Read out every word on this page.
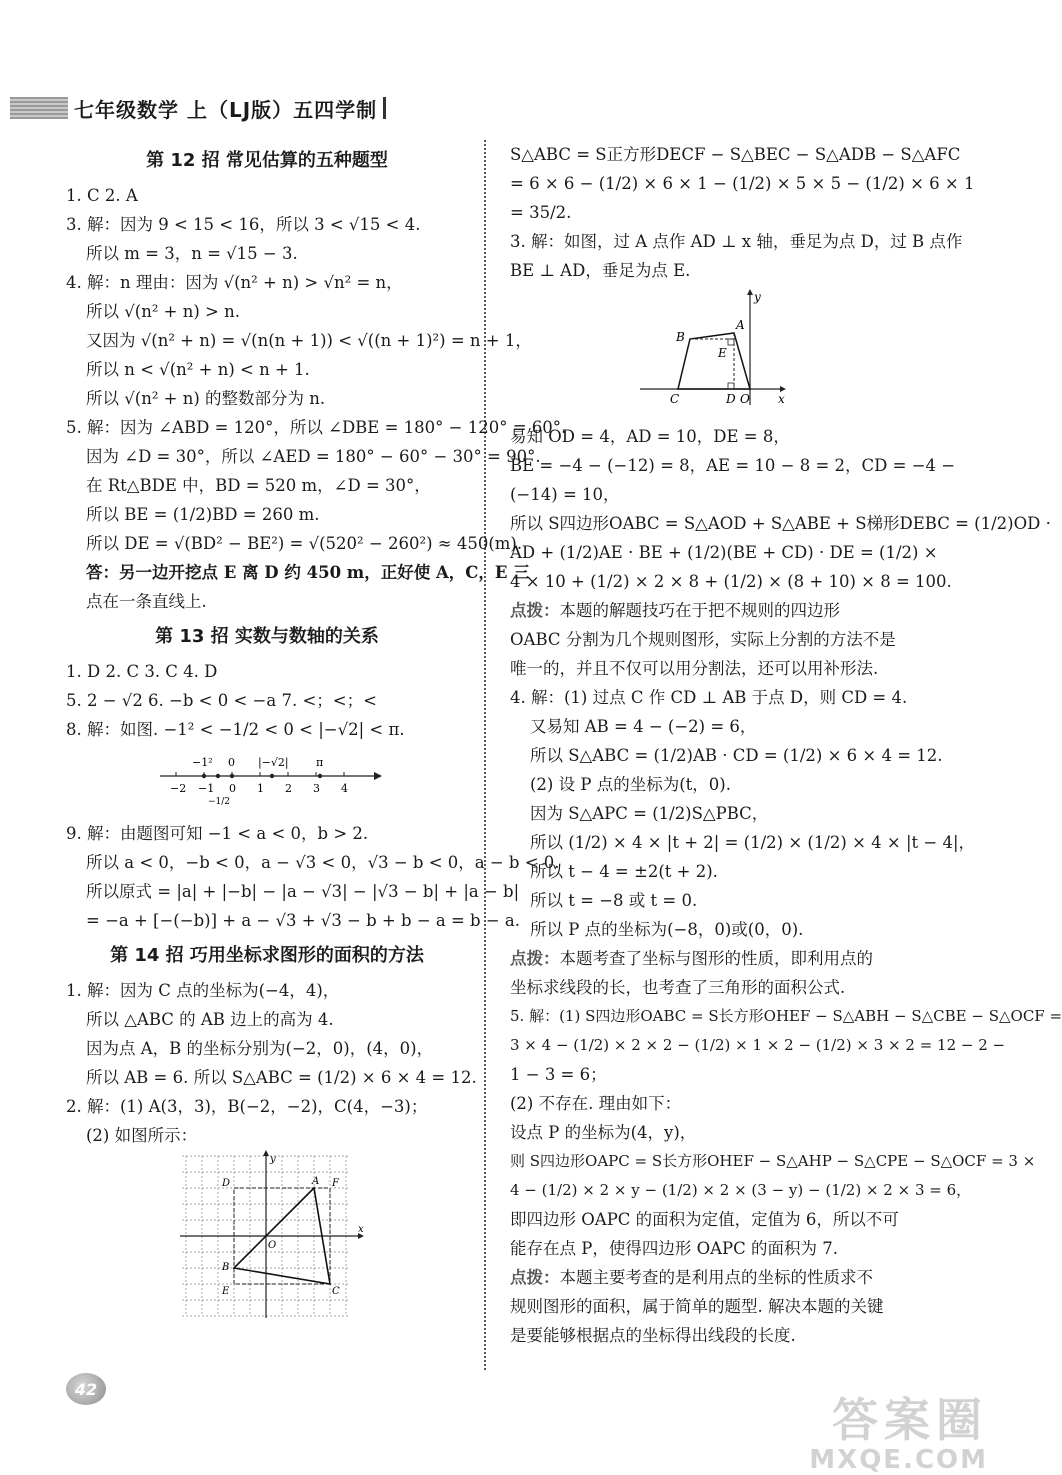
七年级数学 上（LJ版）五四学制
第 12 招 常见估算的五种题型
1. C 2. A
3. 解：因为 9 < 15 < 16，所以 3 < √15 < 4.
所以 m = 3，n = √15 − 3.
4. 解：n 理由：因为 √(n² + n) > √n² = n，
所以 √(n² + n) > n.
又因为 √(n² + n) = √(n(n + 1)) < √((n + 1)²) = n + 1，
所以 n < √(n² + n) < n + 1.
所以 √(n² + n) 的整数部分为 n.
5. 解：因为 ∠ABD = 120°，所以 ∠DBE = 180° − 120° = 60°.
因为 ∠D = 30°，所以 ∠AED = 180° − 60° − 30° = 90°.
在 Rt△BDE 中，BD = 520 m，∠D = 30°，
所以 BE = (1/2)BD = 260 m.
所以 DE = √(BD² − BE²) = √(520² − 260²) ≈ 450(m).
答：另一边开挖点 E 离 D 约 450 m，正好使 A，C，E 三
点在一条直线上.
第 13 招 实数与数轴的关系
1. D 2. C 3. C 4. D
5. 2 − √2 6. −b < 0 < −a 7. <；<；<
8. 解：如图. −1² < −1/2 < 0 < |−√2| < π.
−1² 0 |−√2| π
−2 −1 0 1 2 3 4
−1/2
9. 解：由题图可知 −1 < a < 0，b > 2.
所以 a < 0，−b < 0，a − √3 < 0，√3 − b < 0，a − b < 0.
所以原式 = |a| + |−b| − |a − √3| − |√3 − b| + |a − b|
= −a + [−(−b)] + a − √3 + √3 − b + b − a = b − a.
第 14 招 巧用坐标求图形的面积的方法
1. 解：因为 C 点的坐标为(−4，4)，
所以 △ABC 的 AB 边上的高为 4.
因为点 A，B 的坐标分别为(−2，0)，(4，0)，
所以 AB = 6. 所以 S△ABC = (1/2) × 6 × 4 = 12.
2. 解：(1) A(3，3)，B(−2，−2)，C(4，−3)；
(2) 如图所示：
x
y
O
A
B
C
D
E
F
S△ABC = S正方形DECF − S△BEC − S△ADB − S△AFC
= 6 × 6 − (1/2) × 6 × 1 − (1/2) × 5 × 5 − (1/2) × 6 × 1
= 35/2.
3. 解：如图，过 A 点作 AD ⊥ x 轴，垂足为点 D，过 B 点作
BE ⊥ AD，垂足为点 E.
y
x
A
B
C	D
E
O
易知 OD = 4，AD = 10，DE = 8，
BE = −4 − (−12) = 8，AE = 10 − 8 = 2，CD = −4 −
(−14) = 10，
所以 S四边形OABC = S△AOD + S△ABE + S梯形DEBC = (1/2)OD ·
AD + (1/2)AE · BE + (1/2)(BE + CD) · DE = (1/2) ×
4 × 10 + (1/2) × 2 × 8 + (1/2) × (8 + 10) × 8 = 100.
点拨：本题的解题技巧在于把不规则的四边形
OABC 分割为几个规则图形，实际上分割的方法不是
唯一的，并且不仅可以用分割法，还可以用补形法.
4. 解：(1) 过点 C 作 CD ⊥ AB 于点 D，则 CD = 4.
又易知 AB = 4 − (−2) = 6，
所以 S△ABC = (1/2)AB · CD = (1/2) × 6 × 4 = 12.
(2) 设 P 点的坐标为(t，0).
因为 S△APC = (1/2)S△PBC，
所以 (1/2) × 4 × |t + 2| = (1/2) × (1/2) × 4 × |t − 4|，
所以 t − 4 = ±2(t + 2).
所以 t = −8 或 t = 0.
所以 P 点的坐标为(−8，0)或(0，0).
点拨：本题考查了坐标与图形的性质，即利用点的
坐标求线段的长，也考查了三角形的面积公式.
5. 解：(1) S四边形OABC = S长方形OHEF − S△ABH − S△CBE − S△OCF =
3 × 4 − (1/2) × 2 × 2 − (1/2) × 1 × 2 − (1/2) × 3 × 2 = 12 − 2 −
1 − 3 = 6；
(2) 不存在. 理由如下：
设点 P 的坐标为(4，y)，
则 S四边形OAPC = S长方形OHEF − S△AHP − S△CPE − S△OCF = 3 ×
4 − (1/2) × 2 × y − (1/2) × 2 × (3 − y) − (1/2) × 2 × 3 = 6，
即四边形 OAPC 的面积为定值，定值为 6，所以不可
能存在点 P，使得四边形 OAPC 的面积为 7.
点拨：本题主要考查的是利用点的坐标的性质求不
规则图形的面积，属于简单的题型. 解决本题的关键
是要能够根据点的坐标得出线段的长度.
42
答案圈
MXQE.COM
